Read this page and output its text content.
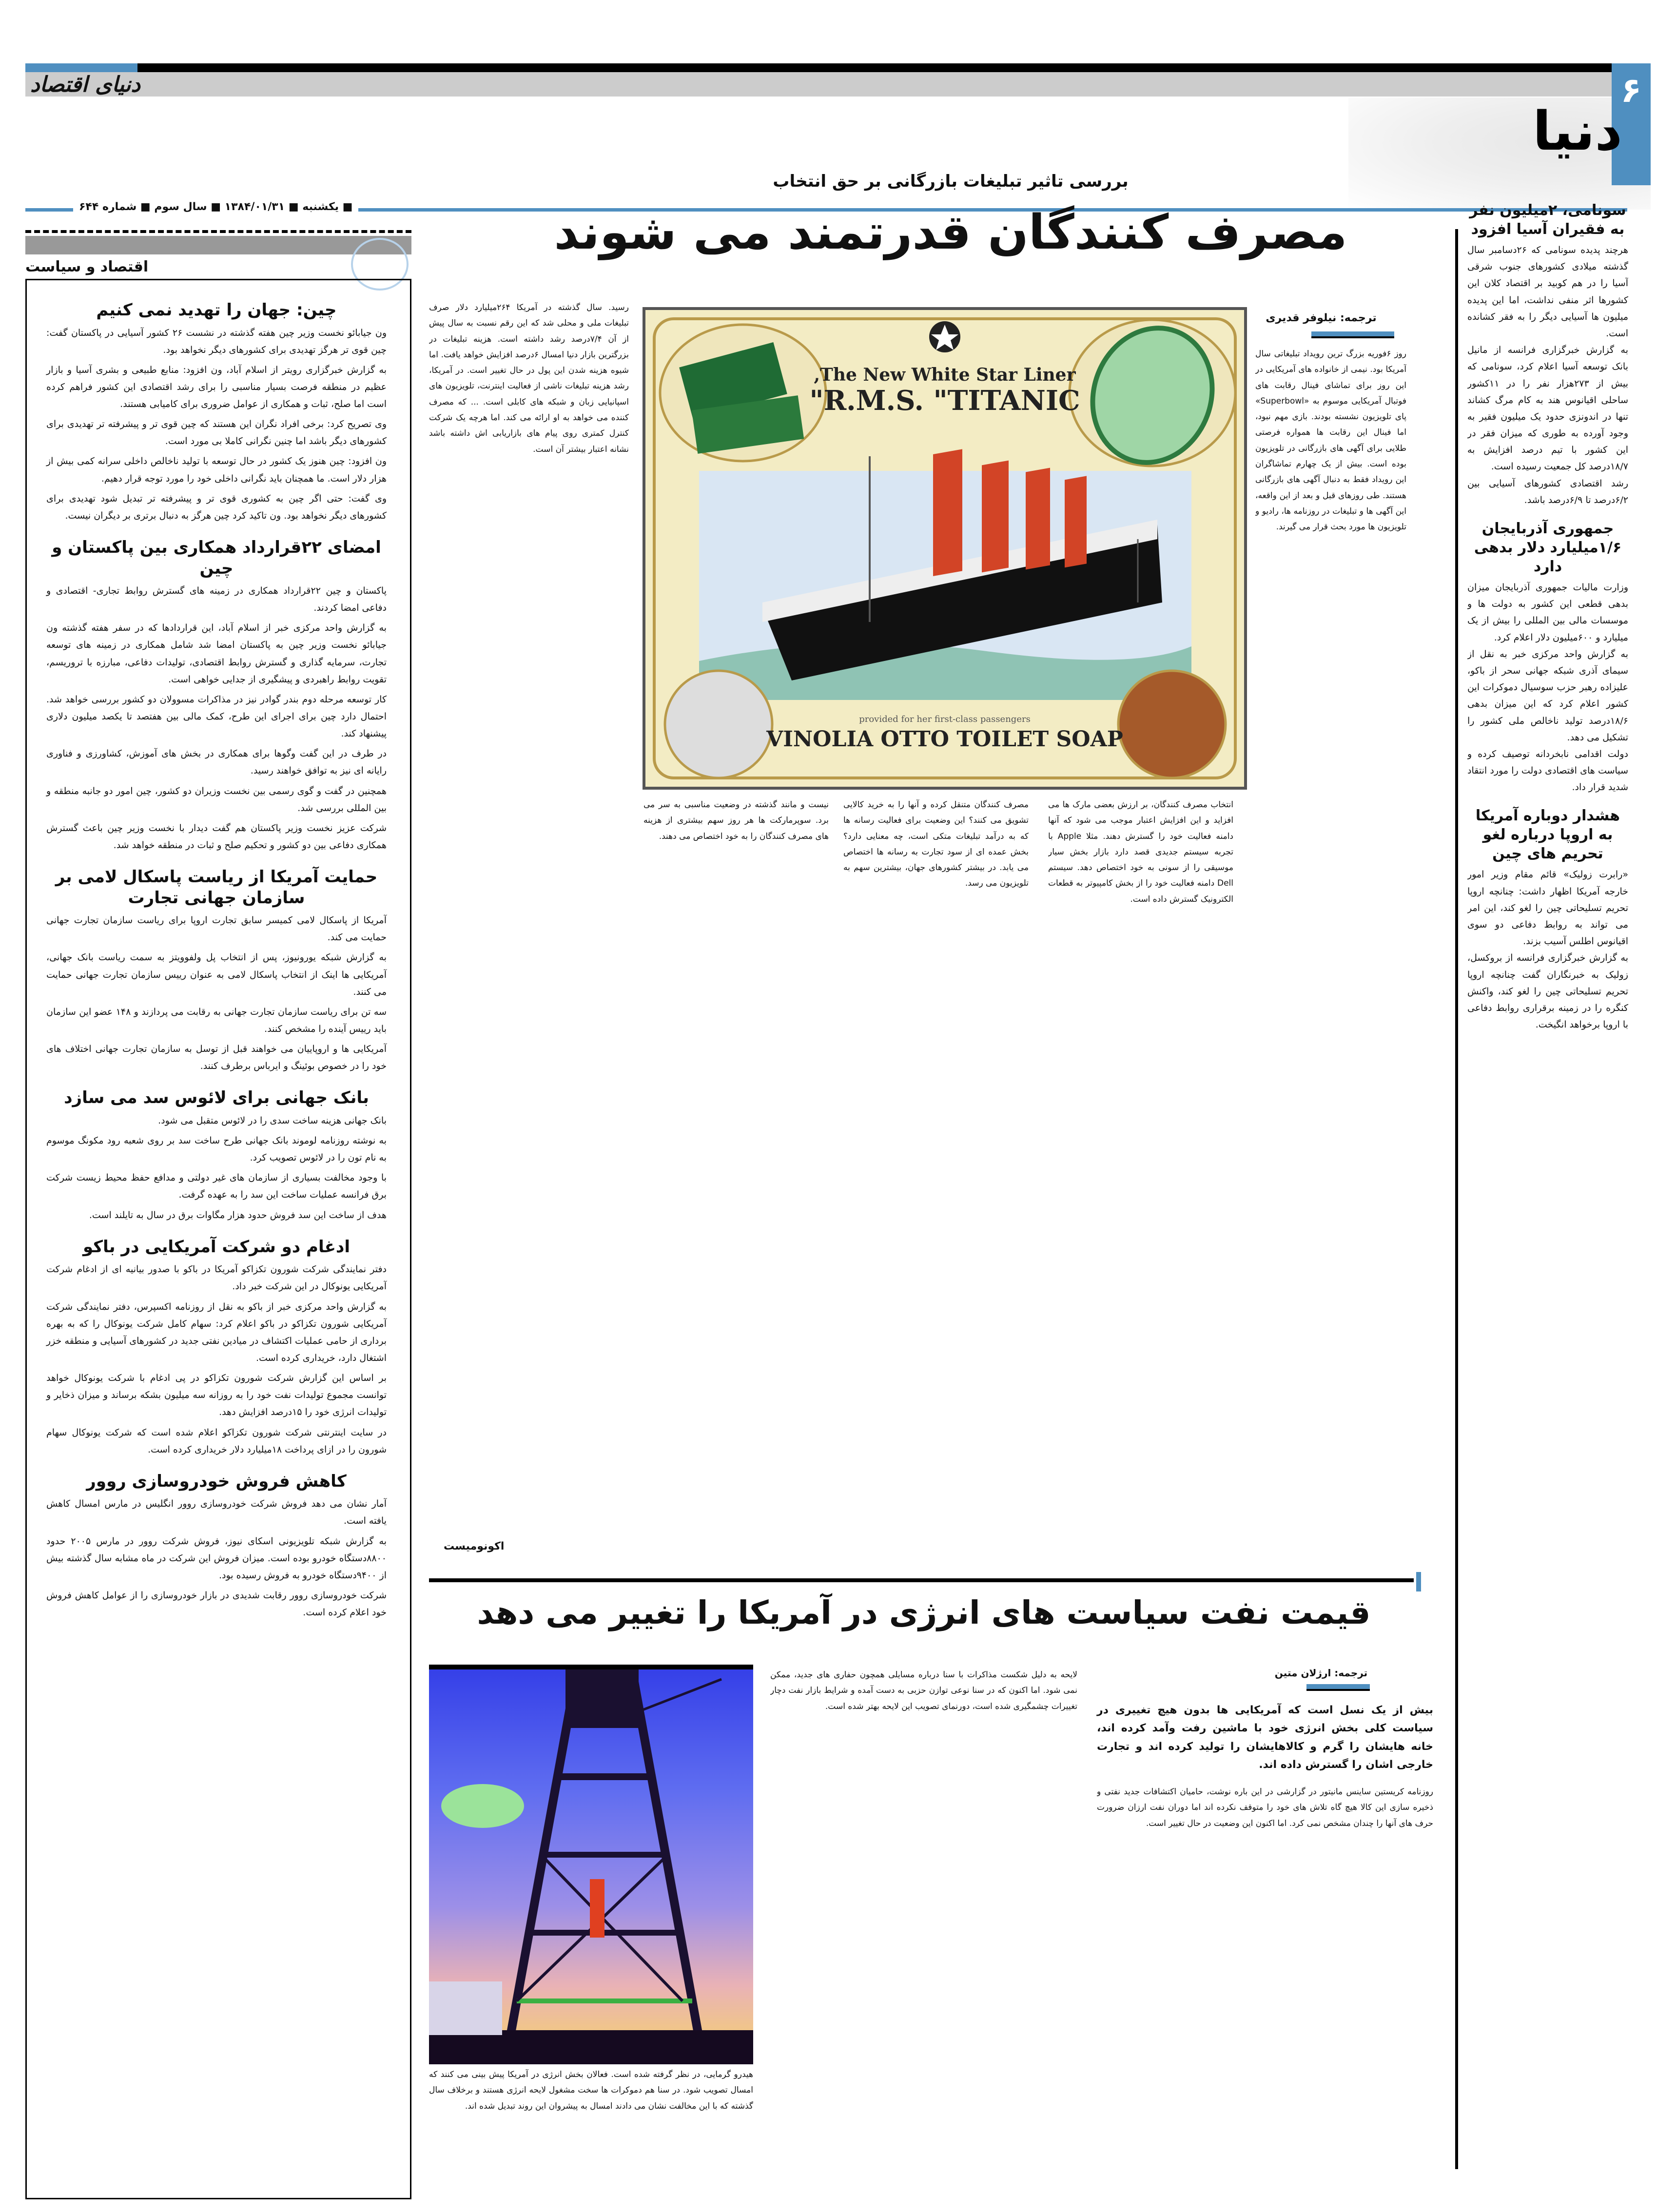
دنیای اقتصاد	۶
دنیا
■ یکشنبه ■ ۱۳۸۴/۰۱/۳۱ ■ سال سوم ■ شماره ۶۴۴
اقتصاد و سیاست
چین: جهان را تهدید نمی کنیم

ون جیابائو نخست وزیر چین هفته گذشته در نشست ۲۶ کشور آسیایی در پاکستان گفت: چین قوی تر هرگز تهدیدی برای کشورهای دیگر نخواهد بود.

به گزارش خبرگزاری رویتر از اسلام آباد، ون افزود: منابع طبیعی و بشری آسیا و بازار عظیم در منطقه فرصت بسیار مناسبی را برای رشد اقتصادی این کشور فراهم کرده است اما صلح، ثبات و همکاری از عوامل ضروری برای کامیابی هستند.

وی تصریح کرد: برخی افراد نگران این هستند که چین قوی تر و پیشرفته تر تهدیدی برای کشورهای دیگر باشد اما چنین نگرانی کاملا بی مورد است.

ون افزود: چین هنوز یک کشور در حال توسعه با تولید ناخالص داخلی سرانه کمی بیش از هزار دلار است. ما همچنان باید نگرانی داخلی خود را مورد توجه قرار دهیم.

وی گفت: حتی اگر چین به کشوری قوی تر و پیشرفته تر تبدیل شود تهدیدی برای کشورهای دیگر نخواهد بود. ون تاکید کرد چین هرگز به دنبال برتری بر دیگران نیست.

امضای ۲۲قرارداد همکاری بین پاکستان و چین

پاکستان و چین ۲۲قرارداد همکاری در زمینه های گسترش روابط تجاری- اقتصادی و دفاعی امضا کردند.

به گزارش واحد مرکزی خبر از اسلام آباد، این قراردادها که در سفر هفته گذشته ون جیابائو نخست وزیر چین به پاکستان امضا شد شامل همکاری در زمینه های توسعه تجارت، سرمایه گذاری و گسترش روابط اقتصادی، تولیدات دفاعی، مبارزه با تروریسم، تقویت روابط راهبردی و پیشگیری از جدایی خواهی است.

کار توسعه مرحله دوم بندر گوادر نیز در مذاکرات مسوولان دو کشور بررسی خواهد شد. احتمال دارد چین برای اجرای این طرح، کمک مالی بین هفتصد تا یکصد میلیون دلاری پیشنهاد کند.

در طرف در این گفت وگوها برای همکاری در بخش های آموزش، کشاورزی و فناوری رایانه ای نیز به توافق خواهند رسید.

همچنین در گفت و گوی رسمی بین نخست وزیران دو کشور، چین امور دو جانبه منطقه و بین المللی بررسی شد.

شرکت عزیز نخست وزیر پاکستان هم گفت دیدار با نخست وزیر چین باعث گسترش همکاری دفاعی بین دو کشور و تحکیم صلح و ثبات در منطقه خواهد شد.

حمایت آمریکا از ریاست پاسکال لامی بر سازمان جهانی تجارت

آمریکا از پاسکال لامی کمیسر سابق تجارت اروپا برای ریاست سازمان تجارت جهانی حمایت می کند.

به گزارش شبکه یورونیوز، پس از انتخاب پل ولفوویتز به سمت ریاست بانک جهانی، آمریکایی ها اینک از انتخاب پاسکال لامی به عنوان رییس سازمان تجارت جهانی حمایت می کنند.

سه تن برای ریاست سازمان تجارت جهانی به رقابت می پردازند و ۱۴۸ عضو این سازمان باید رییس آینده را مشخص کنند.

آمریکایی ها و اروپاییان می خواهند قبل از توسل به سازمان تجارت جهانی اختلاف های خود را در خصوص بوئینگ و ایرباس برطرف کنند.

بانک جهانی برای لائوس سد می سازد

بانک جهانی هزینه ساخت سدی را در لائوس متقبل می شود.

به نوشته روزنامه لوموند بانک جهانی طرح ساخت سد بر روی شعبه رود مکونگ موسوم به نام تون را در لائوس تصویب کرد.

با وجود مخالفت بسیاری از سازمان های غیر دولتی و مدافع حفظ محیط زیست شرکت برق فرانسه عملیات ساخت این سد را به عهده گرفت.

هدف از ساخت این سد فروش حدود هزار مگاوات برق در سال به تایلند است.

ادغام دو شرکت آمریکایی در باکو

دفتر نمایندگی شرکت شورون تکزاکو آمریکا در باکو با صدور بیانیه ای از ادغام شرکت آمریکایی یونوکال در این شرکت خبر داد.

به گزارش واحد مرکزی خبر از باکو به نقل از روزنامه اکسپرس، دفتر نمایندگی شرکت آمریکایی شورون تکزاکو در باکو اعلام کرد: سهام کامل شرکت یونوکال را که به بهره برداری از حامی عملیات اکتشاف در میادین نفتی جدید در کشورهای آسیایی و منطقه خزر اشتغال دارد، خریداری کرده است.

بر اساس این گزارش شرکت شورون تکزاکو در پی ادغام با شرکت یونوکال خواهد توانست مجموع تولیدات نفت خود را به روزانه سه میلیون بشکه برساند و میزان ذخایر و تولیدات انرژی خود را ۱۵درصد افزایش دهد.

در سایت اینترنتی شرکت شورون تکزاکو اعلام شده است که شرکت یونوکال سهام شورون را در ازای پرداخت ۱۸میلیارد دلار خریداری کرده است.

کاهش فروش خودروسازی روور

آمار نشان می دهد فروش شرکت خودروسازی روور انگلیس در مارس امسال کاهش یافته است.

به گزارش شبکه تلویزیونی اسکای نیوز، فروش شرکت روور در مارس ۲۰۰۵ حدود ۸۸۰۰دستگاه خودرو بوده است. میزان فروش این شرکت در ماه مشابه سال گذشته بیش از ۹۴۰۰دستگاه خودرو به فروش رسیده بود.

شرکت خودروسازی روور رقابت شدیدی در بازار خودروسازی را از عوامل کاهش فروش خود اعلام کرده است.

بررسی تاثیر تبلیغات بازرگانی بر حق انتخاب
مصرف کنندگان قدرتمند می شوند
ترجمه: نیلوفر قدیری
روز ۶فوریه بزرگ ترین رویداد تبلیغاتی سال آمریکا بود. نیمی از خانواده های آمریکایی در این روز برای تماشای فینال رقابت های فوتبال آمریکایی موسوم به «Superbowl» پای تلویزیون نشسته بودند. بازی مهم نبود، اما فینال این رقابت ها همواره فرصتی طلایی برای آگهی های بازرگانی در تلویزیون بوده است. بیش از یک چهارم تماشاگران این رویداد فقط به دنبال آگهی های بازرگانی هستند. طی روزهای قبل و بعد از این واقعه، این آگهی ها و تبلیغات در روزنامه ها، رادیو و تلویزیون ها مورد بحث قرار می گیرند.
The New White Star Liner,
R.M.S. "TITANIC"
provided for her first-class passengers
VINOLIA OTTO TOILET SOAP
انتخاب مصرف کنندگان، بر ارزش بعضی مارک ها می افزاید و این افزایش اعتبار موجب می شود که آنها دامنه فعالیت خود را گسترش دهند. مثلا Apple با تجربه سیستم جدیدی قصد دارد بازار بخش سیار موسیقی را از سونی به خود اختصاص دهد. سیستم Dell دامنه فعالیت خود را از بخش کامپیوتر به قطعات الکترونیک گسترش داده است.
مصرف کنندگان متنقل کرده و آنها را به خرید کالایی تشویق می کنند؟ این وضعیت برای فعالیت رسانه ها که به درآمد تبلیغات متکی است، چه معنایی دارد؟ بخش عمده ای از سود تجارت به رسانه ها اختصاص می یابد. در بیشتر کشورهای جهان، بیشترین سهم به تلویزیون می رسد.
نیست و مانند گذشته در وضعیت مناسبی به سر می برد. سوپرمارکت ها هر روز سهم بیشتری از هزینه های مصرف کنندگان را به خود اختصاص می دهند.
رسید. سال گذشته در آمریکا ۲۶۴میلیارد دلار صرف تبلیغات ملی و محلی شد که این رقم نسبت به سال پیش از آن ۷/۴درصد رشد داشته است. هزینه تبلیغات در بزرگترین بازار دنیا امسال ۶درصد افزایش خواهد یافت. اما شیوه هزینه شدن این پول در حال تغییر است. در آمریکا، رشد هزینه تبلیغات ناشی از فعالیت اینترنت، تلویزیون های اسپانیایی زبان و شبکه های کابلی است. ... که مصرف کننده می خواهد به او ارائه می کند. اما هرچه یک شرکت کنترل کمتری روی پیام های بازاریابی اش داشته باشد نشانه اعتبار بیشتر آن است.
اکونومیست
قیمت نفت سیاست های انرژی در آمریکا را تغییر می دهد
ترجمه: ارژلان متین
بیش از یک نسل است که آمریکایی ها بدون هیچ تغییری در سیاست کلی بخش انرژی خود با ماشین رفت وآمد کرده اند، خانه هایشان را گرم و کالاهایشان را تولید کرده اند و تجارت خارجی اشان را گسترش داده اند.
روزنامه کریستین ساینس مانیتور در گزارشی در این باره نوشت، حامیان اکتشافات جدید نفتی و ذخیره سازی این کالا هیچ گاه تلاش های خود را متوقف نکرده اند اما دوران نفت ارزان ضرورت حرف های آنها را چندان مشخص نمی کرد. اما اکنون این وضعیت در حال تغییر است.
لایحه به دلیل شکست مذاکرات با سنا درباره مسایلی همچون حفاری های جدید، ممکن نمی شود. اما اکنون که در سنا نوعی توازن حزبی به دست آمده و شرایط بازار نفت دچار تغییرات چشمگیری شده است، دورنمای تصویب این لایحه بهتر شده است.
هیدرو گرمایی، در نظر گرفته شده است. فعالان بخش انرژی در آمریکا پیش بینی می کنند که امسال تصویب شود. در سنا هم دموکرات ها سخت مشغول لایحه انرژی هستند و برخلاف سال گذشته که با این مخالفت نشان می دادند امسال به پیشروان این روند تبدیل شده اند.
سونامی، ۲میلیون نفر به فقیران آسیا افزود

هرچند پدیده سونامی که ۲۶دسامبر سال گذشته میلادی کشورهای جنوب شرقی آسیا را در هم کوبید بر اقتصاد کلان این کشورها اثر منفی نداشت، اما این پدیده میلیون ها آسیایی دیگر را به فقر کشانده است.

به گزارش خبرگزاری فرانسه از مانیل بانک توسعه آسیا اعلام کرد، سونامی که بیش از ۲۷۳هزار نفر را در ۱۱کشور ساحلی اقیانوس هند به کام مرگ کشاند تنها در اندونزی حدود یک میلیون فقیر به وجود آورده به طوری که میزان فقر در این کشور با تیم درصد افزایش به ۱۸/۷درصد کل جمعیت رسیده است.

رشد اقتصادی کشورهای آسیایی بین ۶/۲درصد تا ۶/۹درصد باشد.

جمهوری آذربایجان ۱/۶میلیارد دلار بدهی دارد

وزارت مالیات جمهوری آذربایجان میزان بدهی قطعی این کشور به دولت ها و موسسات مالی بین المللی را بیش از یک میلیارد و ۶۰۰میلیون دلار اعلام کرد.

به گزارش واحد مرکزی خبر به نقل از سیمای آذری شبکه جهانی سحر از باکو، علیزاده رهبر حزب سوسیال دموکرات این کشور اعلام کرد که این میزان بدهی ۱۸/۶درصد تولید ناخالص ملی کشور را تشکیل می دهد.

دولت اقدامی نابخردانه توصیف کرده و سیاست های اقتصادی دولت را مورد انتقاد شدید قرار داد.

هشدار دوباره آمریکا به اروپا درباره لغو تحریم های چین

«رابرت زولیک» قائم مقام وزیر امور خارجه آمریکا اظهار داشت: چنانچه اروپا تحریم تسلیحاتی چین را لغو کند، این امر می تواند به روابط دفاعی دو سوی اقیانوس اطلس آسیب بزند.

به گزارش خبرگزاری فرانسه از بروکسل، زولیک به خبرنگاران گفت چنانچه اروپا تحریم تسلیحاتی چین را لغو کند، واکنش کنگره را در زمینه برقراری روابط دفاعی با اروپا برخواهد انگیخت.
